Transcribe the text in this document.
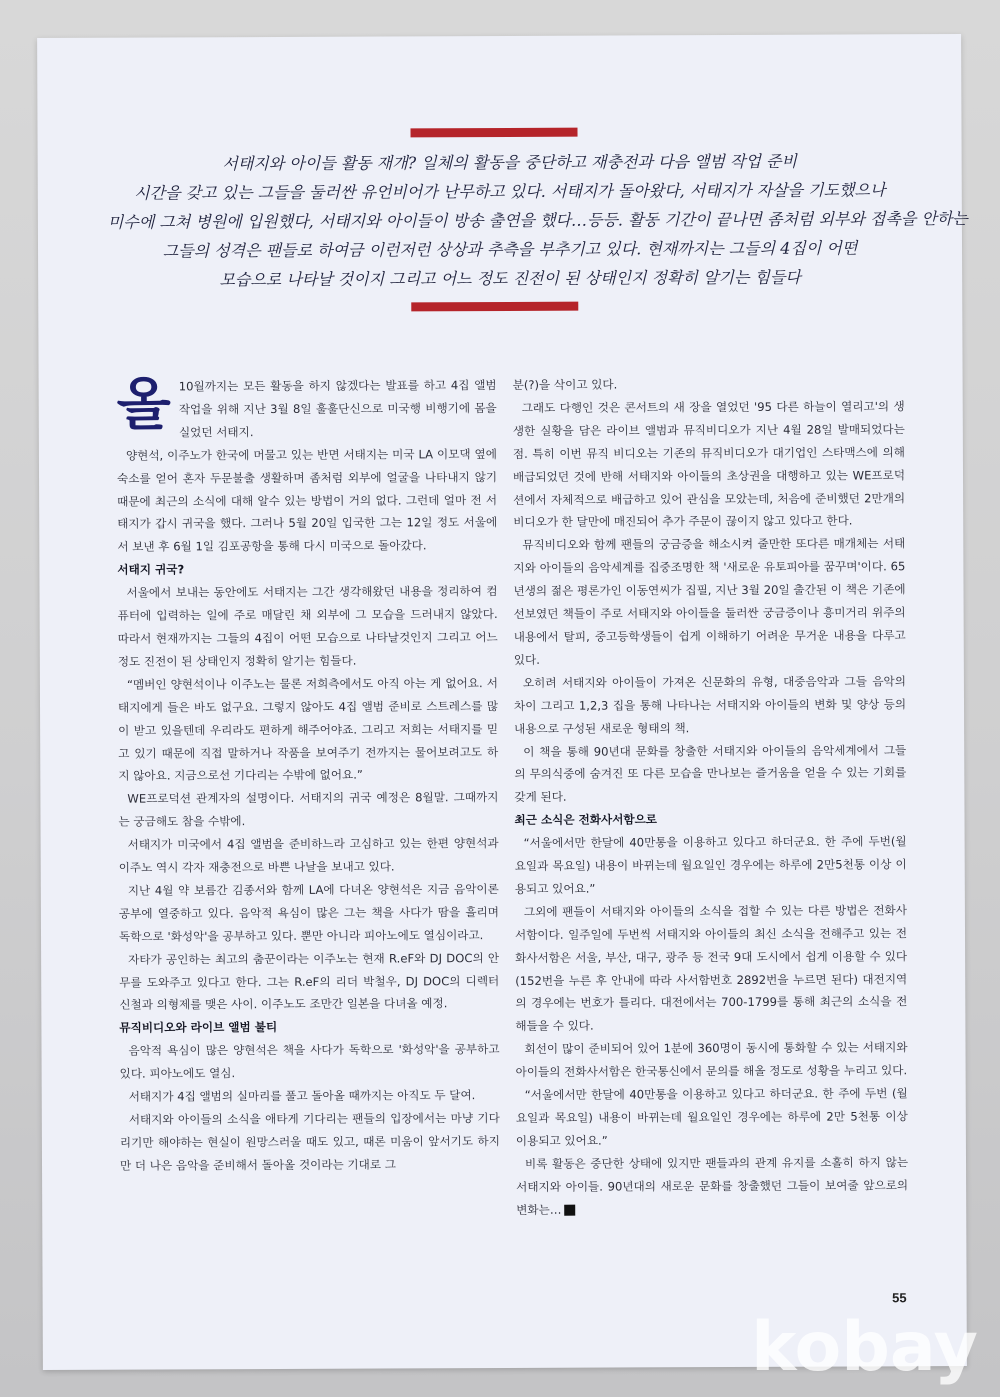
서태지와 아이들 활동 재개? 일체의 활동을 중단하고 재충전과 다음 앨범 작업 준비
시간을 갖고 있는 그들을 둘러싼 유언비어가 난무하고 있다. 서태지가 돌아왔다, 서태지가 자살을 기도했으나
미수에 그쳐 병원에 입원했다, 서태지와 아이들이 방송 출연을 했다…등등. 활동 기간이 끝나면 좀처럼 외부와 접촉을 안하는
그들의 성격은 팬들로 하여금 이런저런 상상과 추측을 부추기고 있다. 현재까지는 그들의 4집이 어떤
모습으로 나타날 것이지 그리고 어느 정도 진전이 된 상태인지 정확히 알기는 힘들다
올 10월까지는 모든 활동을 하지 않겠다는 발표를 하고 4집 앨범 작업을 위해 지난 3월 8일 훌훌단신으로 미국행 비행기에 몸을 실었던 서태지.

양현석, 이주노가 한국에 머물고 있는 반면 서태지는 미국 LA 이모댁 옆에 숙소를 얻어 혼자 두문불출 생활하며 좀처럼 외부에 얼굴을 나타내지 않기 때문에 최근의 소식에 대해 알수 있는 방법이 거의 없다. 그런데 얼마 전 서태지가 갑시 귀국을 했다. 그러나 5월 20일 입국한 그는 12일 정도 서울에서 보낸 후 6월 1일 김포공항을 통해 다시 미국으로 돌아갔다.

서태지 귀국?

서울에서 보내는 동안에도 서태지는 그간 생각해왔던 내용을 정리하여 컴퓨터에 입력하는 일에 주로 매달린 채 외부에 그 모습을 드러내지 않았다. 따라서 현재까지는 그들의 4집이 어떤 모습으로 나타날것인지 그리고 어느 정도 진전이 된 상태인지 정확히 알기는 힘들다.

“멤버인 양현석이나 이주노는 물론 저희측에서도 아직 아는 게 없어요. 서태지에게 들은 바도 없구요. 그렇지 않아도 4집 앨범 준비로 스트레스를 많이 받고 있을텐데 우리라도 편하게 해주어야죠. 그리고 저희는 서태지를 믿고 있기 때문에 직접 말하거나 작품을 보여주기 전까지는 물어보려고도 하지 않아요. 지금으로선 기다리는 수밖에 없어요.”

WE프로덕션 관계자의 설명이다. 서태지의 귀국 예정은 8월말. 그때까지는 궁금해도 참을 수밖에.

서태지가 미국에서 4집 앨범을 준비하느라 고심하고 있는 한편 양현석과 이주노 역시 각자 재충전으로 바쁜 나날을 보내고 있다.

지난 4월 약 보름간 김종서와 함께 LA에 다녀온 양현석은 지금 음악이론공부에 열중하고 있다. 음악적 욕심이 많은 그는 책을 사다가 땀을 흘리며 독학으로 '화성악'을 공부하고 있다. 뿐만 아니라 피아노에도 열심이라고.

자타가 공인하는 최고의 춤꾼이라는 이주노는 현재 R.eF와 DJ DOC의 안무를 도와주고 있다고 한다. 그는 R.eF의 리더 박철우, DJ DOC의 디렉터 신철과 의형제를 맺은 사이. 이주노도 조만간 일본을 다녀올 예정.

뮤직비디오와 라이브 앨범 불티

음악적 욕심이 많은 양현석은 책을 사다가 독학으로 '화성악'을 공부하고 있다. 피아노에도 열심.

서태지가 4집 앨범의 실마리를 풀고 돌아올 때까지는 아직도 두 달여.

서태지와 아이들의 소식을 애타게 기다리는 팬들의 입장에서는 마냥 기다리기만 해야하는 현실이 원망스러울 때도 있고, 때론 미움이 앞서기도 하지만 더 나은 음악을 준비해서 돌아올 것이라는 기대로 그

분(?)을 삭이고 있다.

그래도 다행인 것은 콘서트의 새 장을 열었던 '95 다른 하늘이 열리고'의 생생한 실황을 담은 라이브 앨범과 뮤직비디오가 지난 4월 28일 발매되었다는 점. 특히 이번 뮤직 비디오는 기존의 뮤직비디오가 대기업인 스타맥스에 의해 배급되었던 것에 반해 서태지와 아이들의 초상권을 대행하고 있는 WE프로덕션에서 자체적으로 배급하고 있어 관심을 모았는데, 처음에 준비했던 2만개의 비디오가 한 달만에 매진되어 추가 주문이 끊이지 않고 있다고 한다.

뮤직비디오와 함께 팬들의 궁금증을 해소시켜 줄만한 또다른 매개체는 서태지와 아이들의 음악세계를 집중조명한 책 '새로운 유토피아를 꿈꾸며'이다. 65년생의 젊은 평론가인 이동연씨가 집필, 지난 3월 20일 출간된 이 책은 기존에 선보였던 책들이 주로 서태지와 아이들을 둘러싼 궁금증이나 흥미거리 위주의 내용에서 탈피, 중고등학생들이 쉽게 이해하기 어려운 무거운 내용을 다루고 있다.

오히려 서태지와 아이들이 가져온 신문화의 유형, 대중음악과 그들 음악의 차이 그리고 1,2,3 집을 통해 나타나는 서태지와 아이들의 변화 및 양상 등의 내용으로 구성된 새로운 형태의 책.

이 책을 통해 90년대 문화를 창출한 서태지와 아이들의 음악세계에서 그들의 무의식중에 숨겨진 또 다른 모습을 만나보는 즐거움을 얻을 수 있는 기회를 갖게 된다.

최근 소식은 전화사서함으로

“서울에서만 한달에 40만통을 이용하고 있다고 하더군요. 한 주에 두번(월요일과 목요일) 내용이 바뀌는데 월요일인 경우에는 하루에 2만5천통 이상 이용되고 있어요.”

그외에 팬들이 서태지와 아이들의 소식을 접할 수 있는 다른 방법은 전화사서함이다. 일주일에 두번씩 서태지와 아이들의 최신 소식을 전해주고 있는 전화사서함은 서울, 부산, 대구, 광주 등 전국 9대 도시에서 쉽게 이용할 수 있다 (152번을 누른 후 안내에 따라 사서함번호 2892번을 누르면 된다) 대전지역의 경우에는 번호가 틀리다. 대전에서는 700-1799를 통해 최근의 소식을 전해들을 수 있다.

회선이 많이 준비되어 있어 1분에 360명이 동시에 통화할 수 있는 서태지와 아이들의 전화사서함은 한국통신에서 문의를 해올 정도로 성황을 누리고 있다.

“서울에서만 한달에 40만통을 이용하고 있다고 하더군요. 한 주에 두번 (월요일과 목요일) 내용이 바뀌는데 월요일인 경우에는 하루에 2만 5천통 이상 이용되고 있어요.”

비록 활동은 중단한 상태에 있지만 팬들과의 관계 유지를 소홀히 하지 않는 서태지와 아이들. 90년대의 새로운 문화를 창출했던 그들이 보여줄 앞으로의 변화는…

55
kobay
